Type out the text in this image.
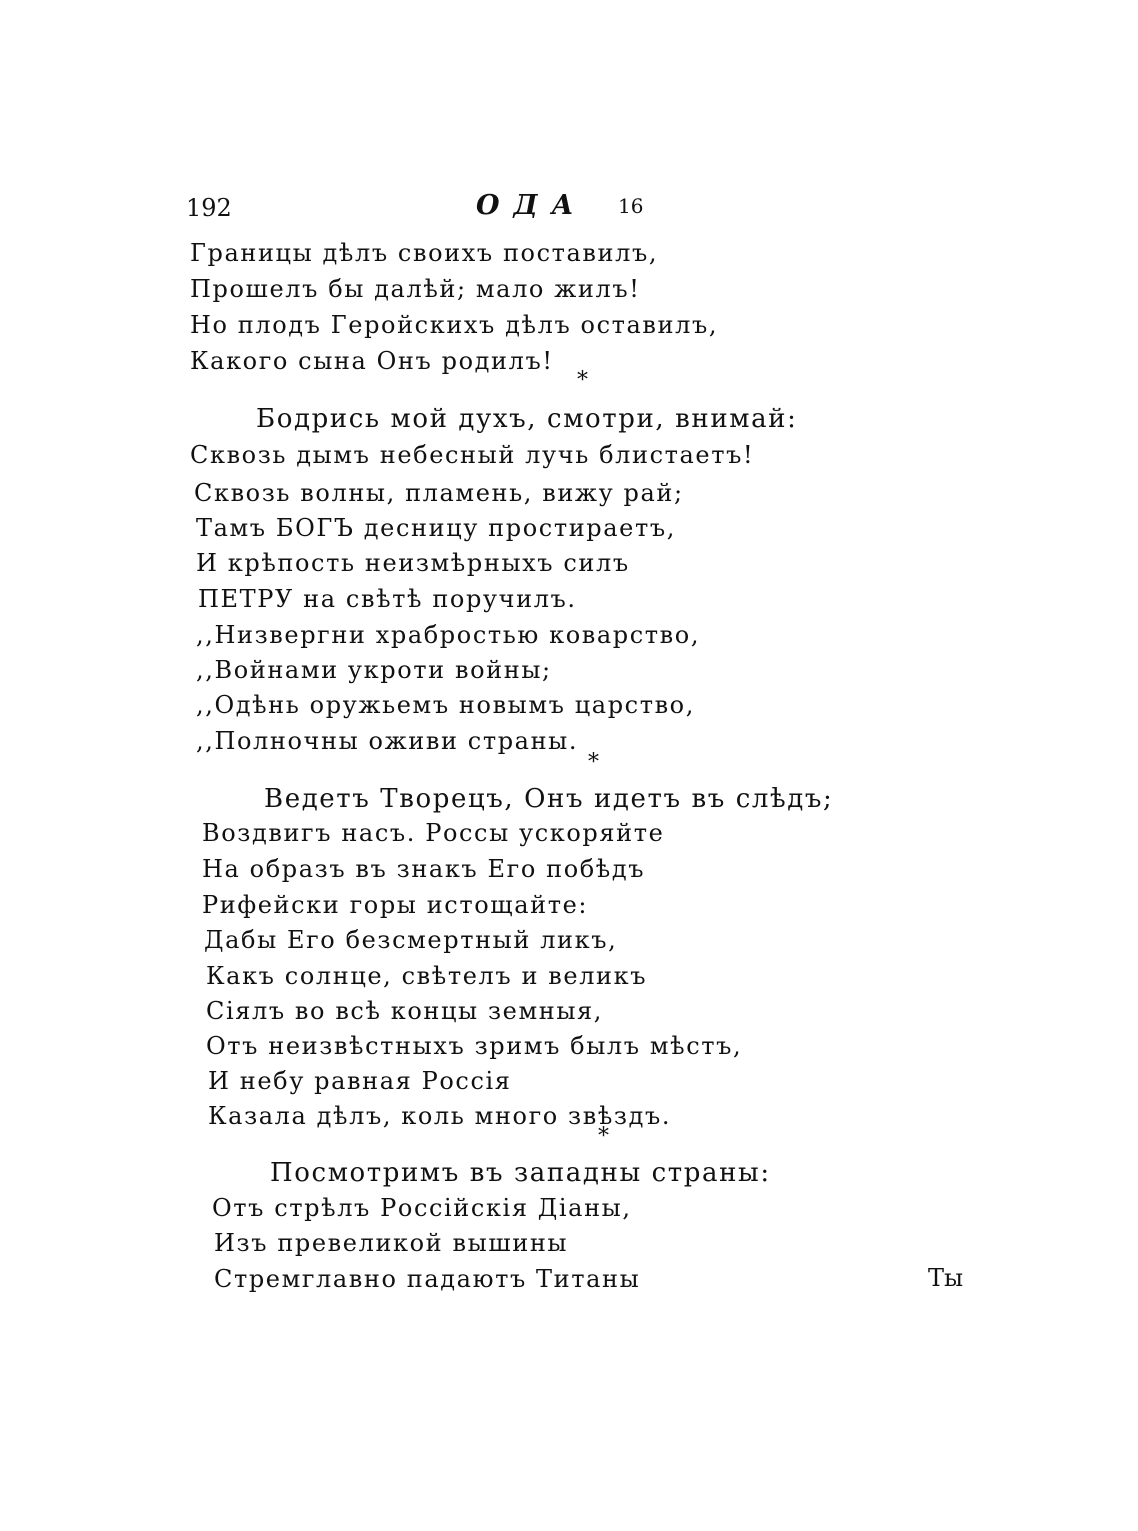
192	ОДА 16
Границы дѣлъ своихъ поставилъ,
Прошелъ бы далѣй; мало жилъ!
Но плодъ Геройскихъ дѣлъ оставилъ,
Какого сына Онъ родилъ!
*
Бодрись мой духъ, смотри, внимай:
Сквозь дымъ небесный лучь блистаетъ!
Сквозь волны, пламень, вижу рай;
Тамъ БОГЪ десницу простираетъ,
И крѣпость неизмѣрныхъ силъ
ПЕТРУ на свѣтѣ поручилъ.
,,Низвергни храбростью коварство,
,,Войнами укроти войны;
,,Одѣнь оружьемъ новымъ царство,
,,Полночны оживи страны.
*
Ведетъ Творецъ, Онъ идетъ въ слѣдъ;
Воздвигъ насъ. Россы ускоряйте
На образъ въ знакъ Его побѣдъ
Рифейски горы истощайте:
Дабы Его безсмертный ликъ,
Какъ солнце, свѣтелъ и великъ
Сіялъ во всѣ концы земныя,
Отъ неизвѣстныхъ зримъ былъ мѣстъ,
И небу равная Россія
Казала дѣлъ, коль много звѣздъ.
*
Посмотримъ въ западны страны:
Отъ стрѣлъ Россійскія Діаны,
Изъ превеликой вышины
Стремглавно падаютъ Титаны	Ты
